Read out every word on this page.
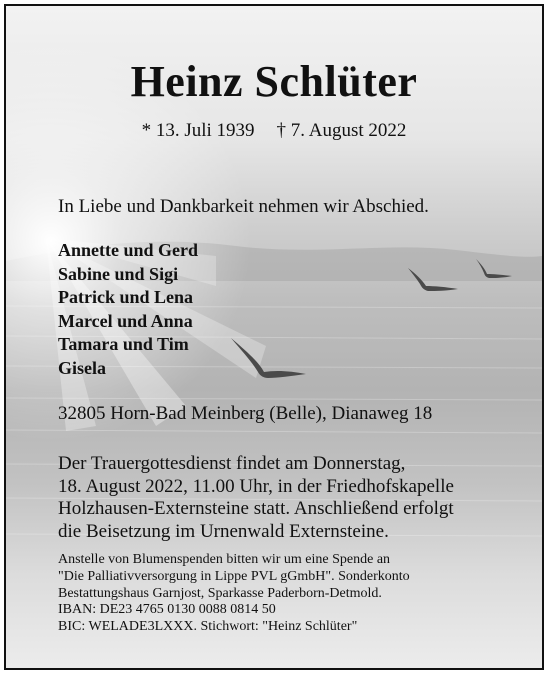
Heinz Schlüter
* 13. Juli 1939 † 7. August 2022
In Liebe und Dankbarkeit nehmen wir Abschied.
Annette und Gerd
Sabine und Sigi
Patrick und Lena
Marcel und Anna
Tamara und Tim
Gisela
32805 Horn-Bad Meinberg (Belle), Dianaweg 18
Der Trauergottesdienst findet am Donnerstag,
18. August 2022, 11.00 Uhr, in der Friedhofskapelle
Holzhausen-Externsteine statt. Anschließend erfolgt
die Beisetzung im Urnenwald Externsteine.
Anstelle von Blumenspenden bitten wir um eine Spende an
"Die Palliativversorgung in Lippe PVL gGmbH". Sonderkonto
Bestattungshaus Garnjost, Sparkasse Paderborn-Detmold.
IBAN: DE23 4765 0130 0088 0814 50
BIC: WELADE3LXXX. Stichwort: "Heinz Schlüter"
